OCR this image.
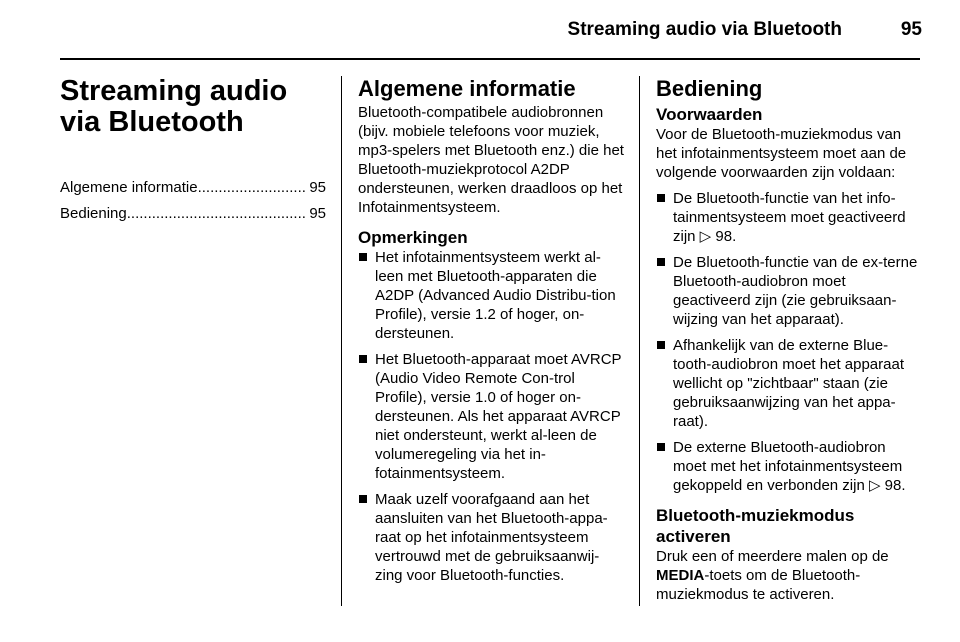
Streaming audio via Bluetooth	95
Streaming audio via Bluetooth
Algemene informatie .....	95
Bediening .....	95
Algemene informatie

Bluetooth-compatibele audiobronnen (bijv. mobiele telefoons voor muziek, mp3-spelers met Bluetooth enz.) die het Bluetooth-muziekprotocol A2DP ondersteunen, werken draadloos op het Infotainmentsysteem.

Opmerkingen
Het infotainmentsysteem werkt al-leen met Bluetooth-apparaten die A2DP (Advanced Audio Distribu-tion Profile), versie 1.2 of hoger, on-dersteunen.
Het Bluetooth-apparaat moet AVRCP (Audio Video Remote Con-trol Profile), versie 1.0 of hoger on-dersteunen. Als het apparaat AVRCP niet ondersteunt, werkt al-leen de volumeregeling via het in-fotainmentsysteem.
Maak uzelf voorafgaand aan het aansluiten van het Bluetooth-appa-raat op het infotainmentsysteem vertrouwd met de gebruiksaanwij-zing voor Bluetooth-functies.
Bediening
Voorwaarden

Voor de Bluetooth-muziekmodus van het infotainmentsysteem moet aan de volgende voorwaarden zijn voldaan:

De Bluetooth-functie van het info-tainmentsysteem moet geactiveerd zijn ▷ 98.
De Bluetooth-functie van de ex-terne Bluetooth-audiobron moet geactiveerd zijn (zie gebruiksaan-wijzing van het apparaat).
Afhankelijk van de externe Blue-tooth-audiobron moet het apparaat wellicht op "zichtbaar" staan (zie gebruiksaanwijzing van het appa-raat).
De externe Bluetooth-audiobron moet met het infotainmentsysteem gekoppeld en verbonden zijn ▷ 98.
Bluetooth-muziekmodus activeren

Druk een of meerdere malen op de MEDIA-toets om de Bluetooth-muziekmodus te activeren.
